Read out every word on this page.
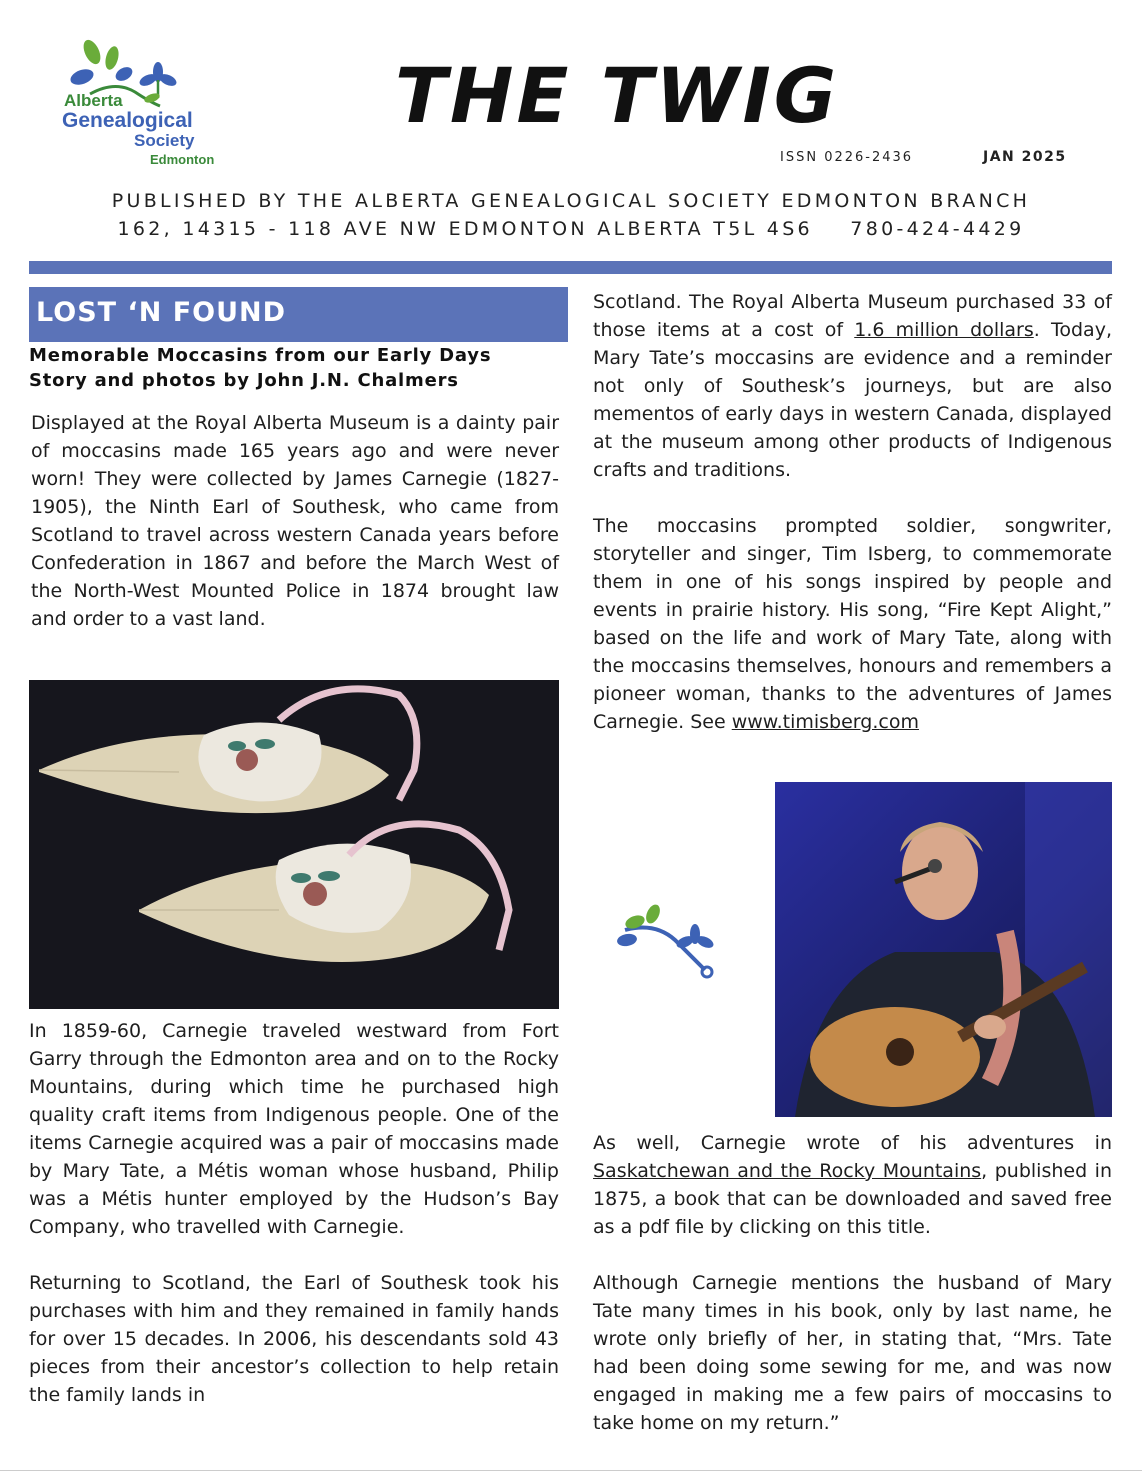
Alberta
Genealogical
Society
Edmonton
THE TWIG
ISSN 0226-2436	JAN 2025
PUBLISHED BY THE ALBERTA GENEALOGICAL SOCIETY EDMONTON BRANCH
162, 14315 - 118 AVE NW EDMONTON ALBERTA T5L 4S6    780-424-4429
LOST ‘N FOUND
Memorable Moccasins from our Early Days
Story and photos by John J.N. Chalmers

Displayed at the Royal Alberta Museum is a dainty pair of moccasins made 165 years ago and were never worn! They were collected by James Carnegie (1827-1905), the Ninth Earl of Southesk, who came from Scotland to travel across western Canada years before Confederation in 1867 and before the March West of the North-West Mounted Police in 1874 brought law and order to a vast land.

In 1859-60, Carnegie traveled westward from Fort Garry through the Edmonton area and on to the Rocky Mountains, during which time he purchased high quality craft items from Indigenous people. One of the items Carnegie acquired was a pair of moccasins made by Mary Tate, a Métis woman whose husband, Philip was a Métis hunter employed by the Hudson’s Bay Company, who travelled with Carnegie.

Returning to Scotland, the Earl of Southesk took his purchases with him and they remained in family hands for over 15 decades. In 2006, his descendants sold 43 pieces from their ancestor’s collection to help retain the family lands in

Scotland. The Royal Alberta Museum purchased 33 of those items at a cost of 1.6 million dollars. Today, Mary Tate’s moccasins are evidence and a reminder not only of Southesk’s journeys, but are also mementos of early days in western Canada, displayed at the museum among other products of Indigenous crafts and traditions.

The moccasins prompted soldier, songwriter, storyteller and singer, Tim Isberg, to commemorate them in one of his songs inspired by people and events in prairie history. His song, “Fire Kept Alight,” based on the life and work of Mary Tate, along with the moccasins themselves, honours and remembers a pioneer woman, thanks to the adventures of James Carnegie. See www.timisberg.com

As well, Carnegie wrote of his adventures in Saskatchewan and the Rocky Mountains, published in 1875, a book that can be downloaded and saved free as a pdf file by clicking on this title.

Although Carnegie mentions the husband of Mary Tate many times in his book, only by last name, he wrote only briefly of her, in stating that, “Mrs. Tate had been doing some sewing for me, and was now engaged in making me a few pairs of moccasins to take home on my return.”
